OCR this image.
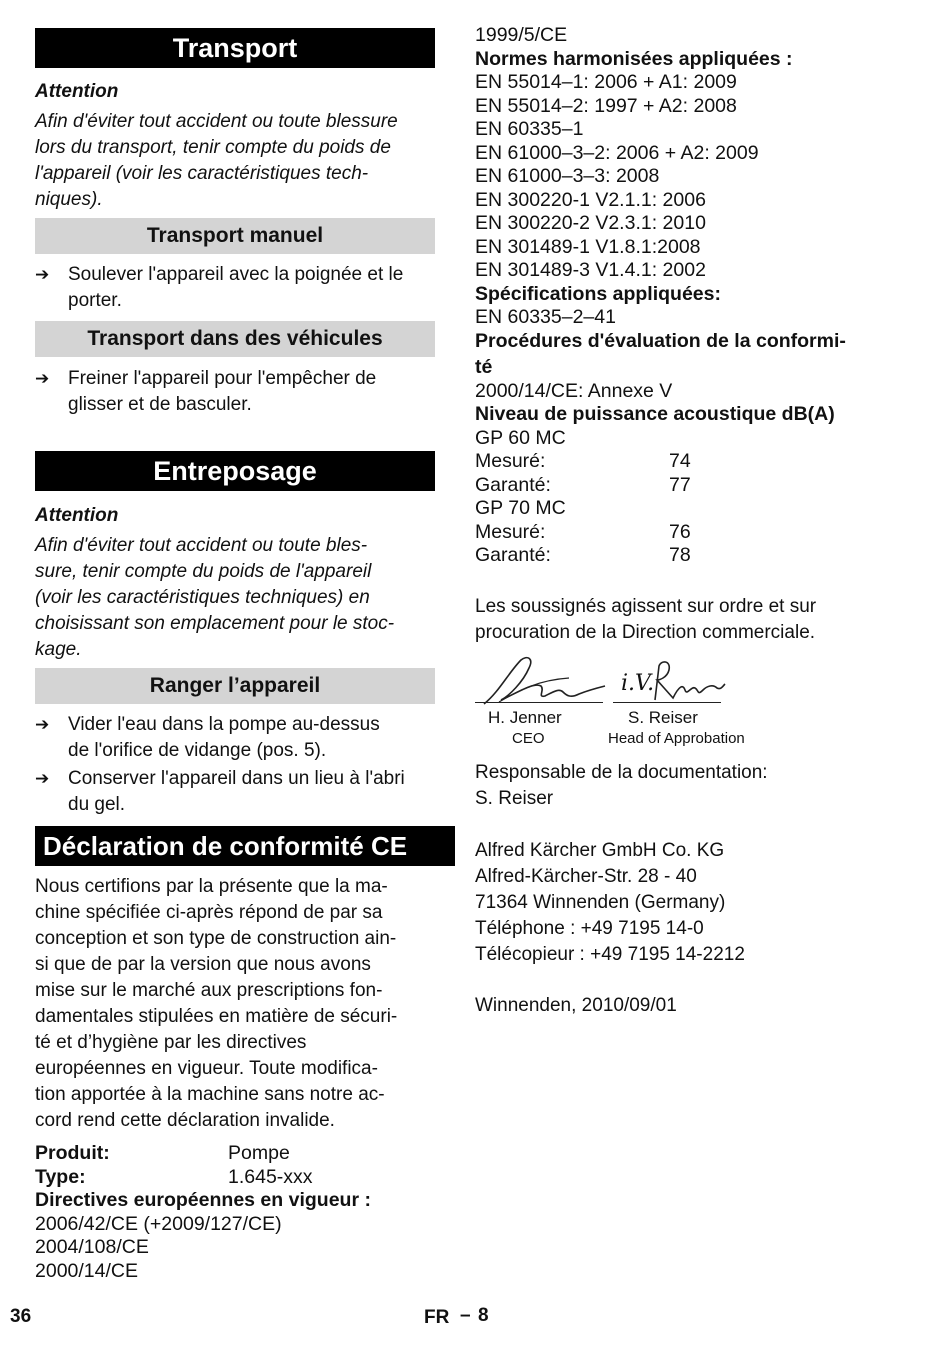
Transport
Attention
Afin d'éviter tout accident ou toute blessure
lors du transport, tenir compte du poids de
l'appareil (voir les caractéristiques tech-
niques).
Transport manuel
➔ Soulever l'appareil avec la poignée et le
porter.
Transport dans des véhicules
➔ Freiner l'appareil pour l'empêcher de
glisser et de basculer.
Entreposage
Attention
Afin d'éviter tout accident ou toute bles-
sure, tenir compte du poids de l'appareil
(voir les caractéristiques techniques) en
choisissant son emplacement pour le stoc-
kage.
Ranger l’appareil
➔ Vider l'eau dans la pompe au-dessus
de l'orifice de vidange (pos. 5).
➔ Conserver l'appareil dans un lieu à l'abri
du gel.
Déclaration de conformité CE
Nous certifions par la présente que la ma-
chine spécifiée ci-après répond de par sa
conception et son type de construction ain-
si que de par la version que nous avons
mise sur le marché aux prescriptions fon-
damentales stipulées en matière de sécuri-
té et d’hygiène par les directives
européennes en vigueur. Toute modifica-
tion apportée à la machine sans notre ac-
cord rend cette déclaration invalide.
Produit:	Pompe
Type:	1.645-xxx
Directives européennes en vigueur :
2006/42/CE (+2009/127/CE)
2004/108/CE
2000/14/CE
1999/5/CE
Normes harmonisées appliquées :
EN 55014–1: 2006 + A1: 2009
EN 55014–2: 1997 + A2: 2008
EN 60335–1
EN 61000–3–2: 2006 + A2: 2009
EN 61000–3–3: 2008
EN 300220-1 V2.1.1: 2006
EN 300220-2 V2.3.1: 2010
EN 301489-1 V1.8.1:2008
EN 301489-3 V1.4.1: 2002
Spécifications appliquées:
EN 60335–2–41
Procédures d'évaluation de la conformi-
té
2000/14/CE: Annexe V
Niveau de puissance acoustique dB(A)
GP 60 MC
Mesuré:	74
Garanté:	77
GP 70 MC
Mesuré:	76
Garanté:	78
Les soussignés agissent sur ordre et sur
procuration de la Direction commerciale.
H. Jenner
CEO
i.V.
S. Reiser
Head of Approbation
Responsable de la documentation:
S. Reiser
Alfred Kärcher GmbH Co. KG
Alfred-Kärcher-Str. 28 - 40
71364 Winnenden (Germany)
Téléphone : +49 7195 14-0
Télécopieur : +49 7195 14-2212
Winnenden, 2010/09/01
36	FR – 8
